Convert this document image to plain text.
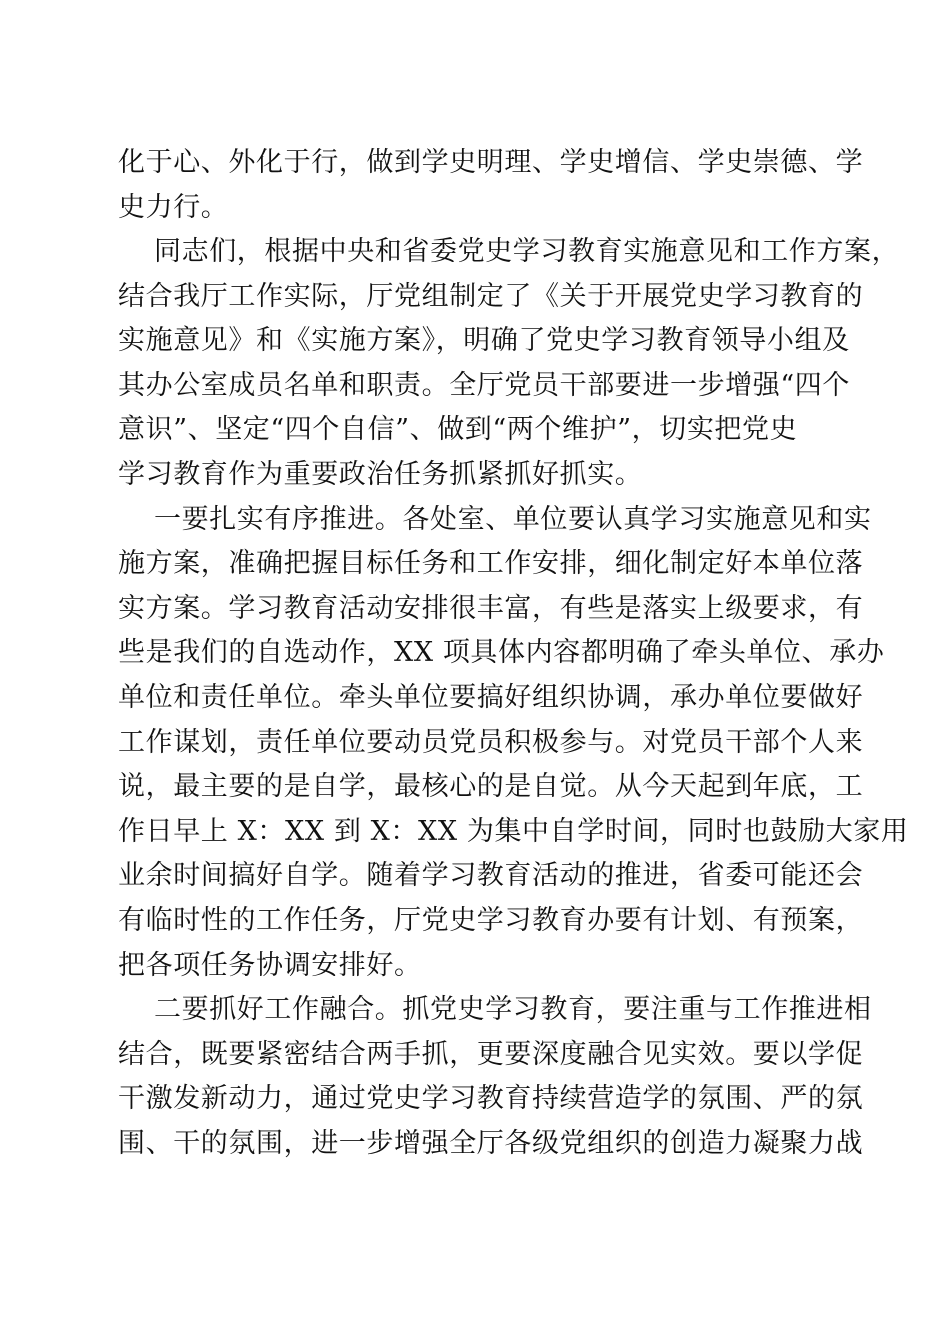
化于心、外化于行，做到学史明理、学史增信、学史崇德、学
史力行。
同志们，根据中央和省委党史学习教育实施意见和工作方案，
结合我厅工作实际，厅党组制定了《关于开展党史学习教育的
实施意见》和《实施方案》，明确了党史学习教育领导小组及
其办公室成员名单和职责。全厅党员干部要进一步增强“四个
意识”、坚定“四个自信”、做到“两个维护”，切实把党史
学习教育作为重要政治任务抓紧抓好抓实。
一要扎实有序推进。各处室、单位要认真学习实施意见和实
施方案，准确把握目标任务和工作安排，细化制定好本单位落
实方案。学习教育活动安排很丰富，有些是落实上级要求，有
些是我们的自选动作，XX 项具体内容都明确了牵头单位、承办
单位和责任单位。牵头单位要搞好组织协调，承办单位要做好
工作谋划，责任单位要动员党员积极参与。对党员干部个人来
说，最主要的是自学，最核心的是自觉。从今天起到年底，工
作日早上 X：XX 到 X：XX 为集中自学时间，同时也鼓励大家用
业余时间搞好自学。随着学习教育活动的推进，省委可能还会
有临时性的工作任务，厅党史学习教育办要有计划、有预案，
把各项任务协调安排好。
二要抓好工作融合。抓党史学习教育，要注重与工作推进相
结合，既要紧密结合两手抓，更要深度融合见实效。要以学促
干激发新动力，通过党史学习教育持续营造学的氛围、严的氛
围、干的氛围，进一步增强全厅各级党组织的创造力凝聚力战
